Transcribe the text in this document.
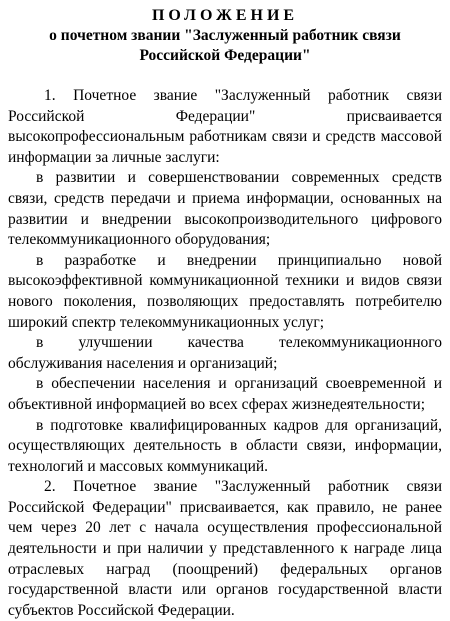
ПОЛОЖЕНИЕ

о почетном звании "Заслуженный работник связи

Российской Федерации"

1. Почетное звание "Заслуженный работник связи Российской Федерации" присваивается высокопрофессиональным работникам связи и средств массовой информации за личные заслуги:

в развитии и совершенствовании современных средств связи, средств передачи и приема информации, основанных на развитии и внедрении высокопроизводительного цифрового телекоммуникационного оборудования;

в разработке и внедрении принципиально новой высокоэффективной коммуникационной техники и видов связи нового поколения, позволяющих предоставлять потребителю широкий спектр телекоммуникационных услуг;

в улучшении качества телекоммуникационного обслуживания населения и организаций;

в обеспечении населения и организаций своевременной и объективной информацией во всех сферах жизнедеятельности;

в подготовке квалифицированных кадров для организаций, осуществляющих деятельность в области связи, информации, технологий и массовых коммуникаций.

2. Почетное звание "Заслуженный работник связи Российской Федерации" присваивается, как правило, не ранее чем через 20 лет с начала осуществления профессиональной деятельности и при наличии у представленного к награде лица отраслевых наград (поощрений) федеральных органов государственной власти или органов государственной власти субъектов Российской Федерации.
